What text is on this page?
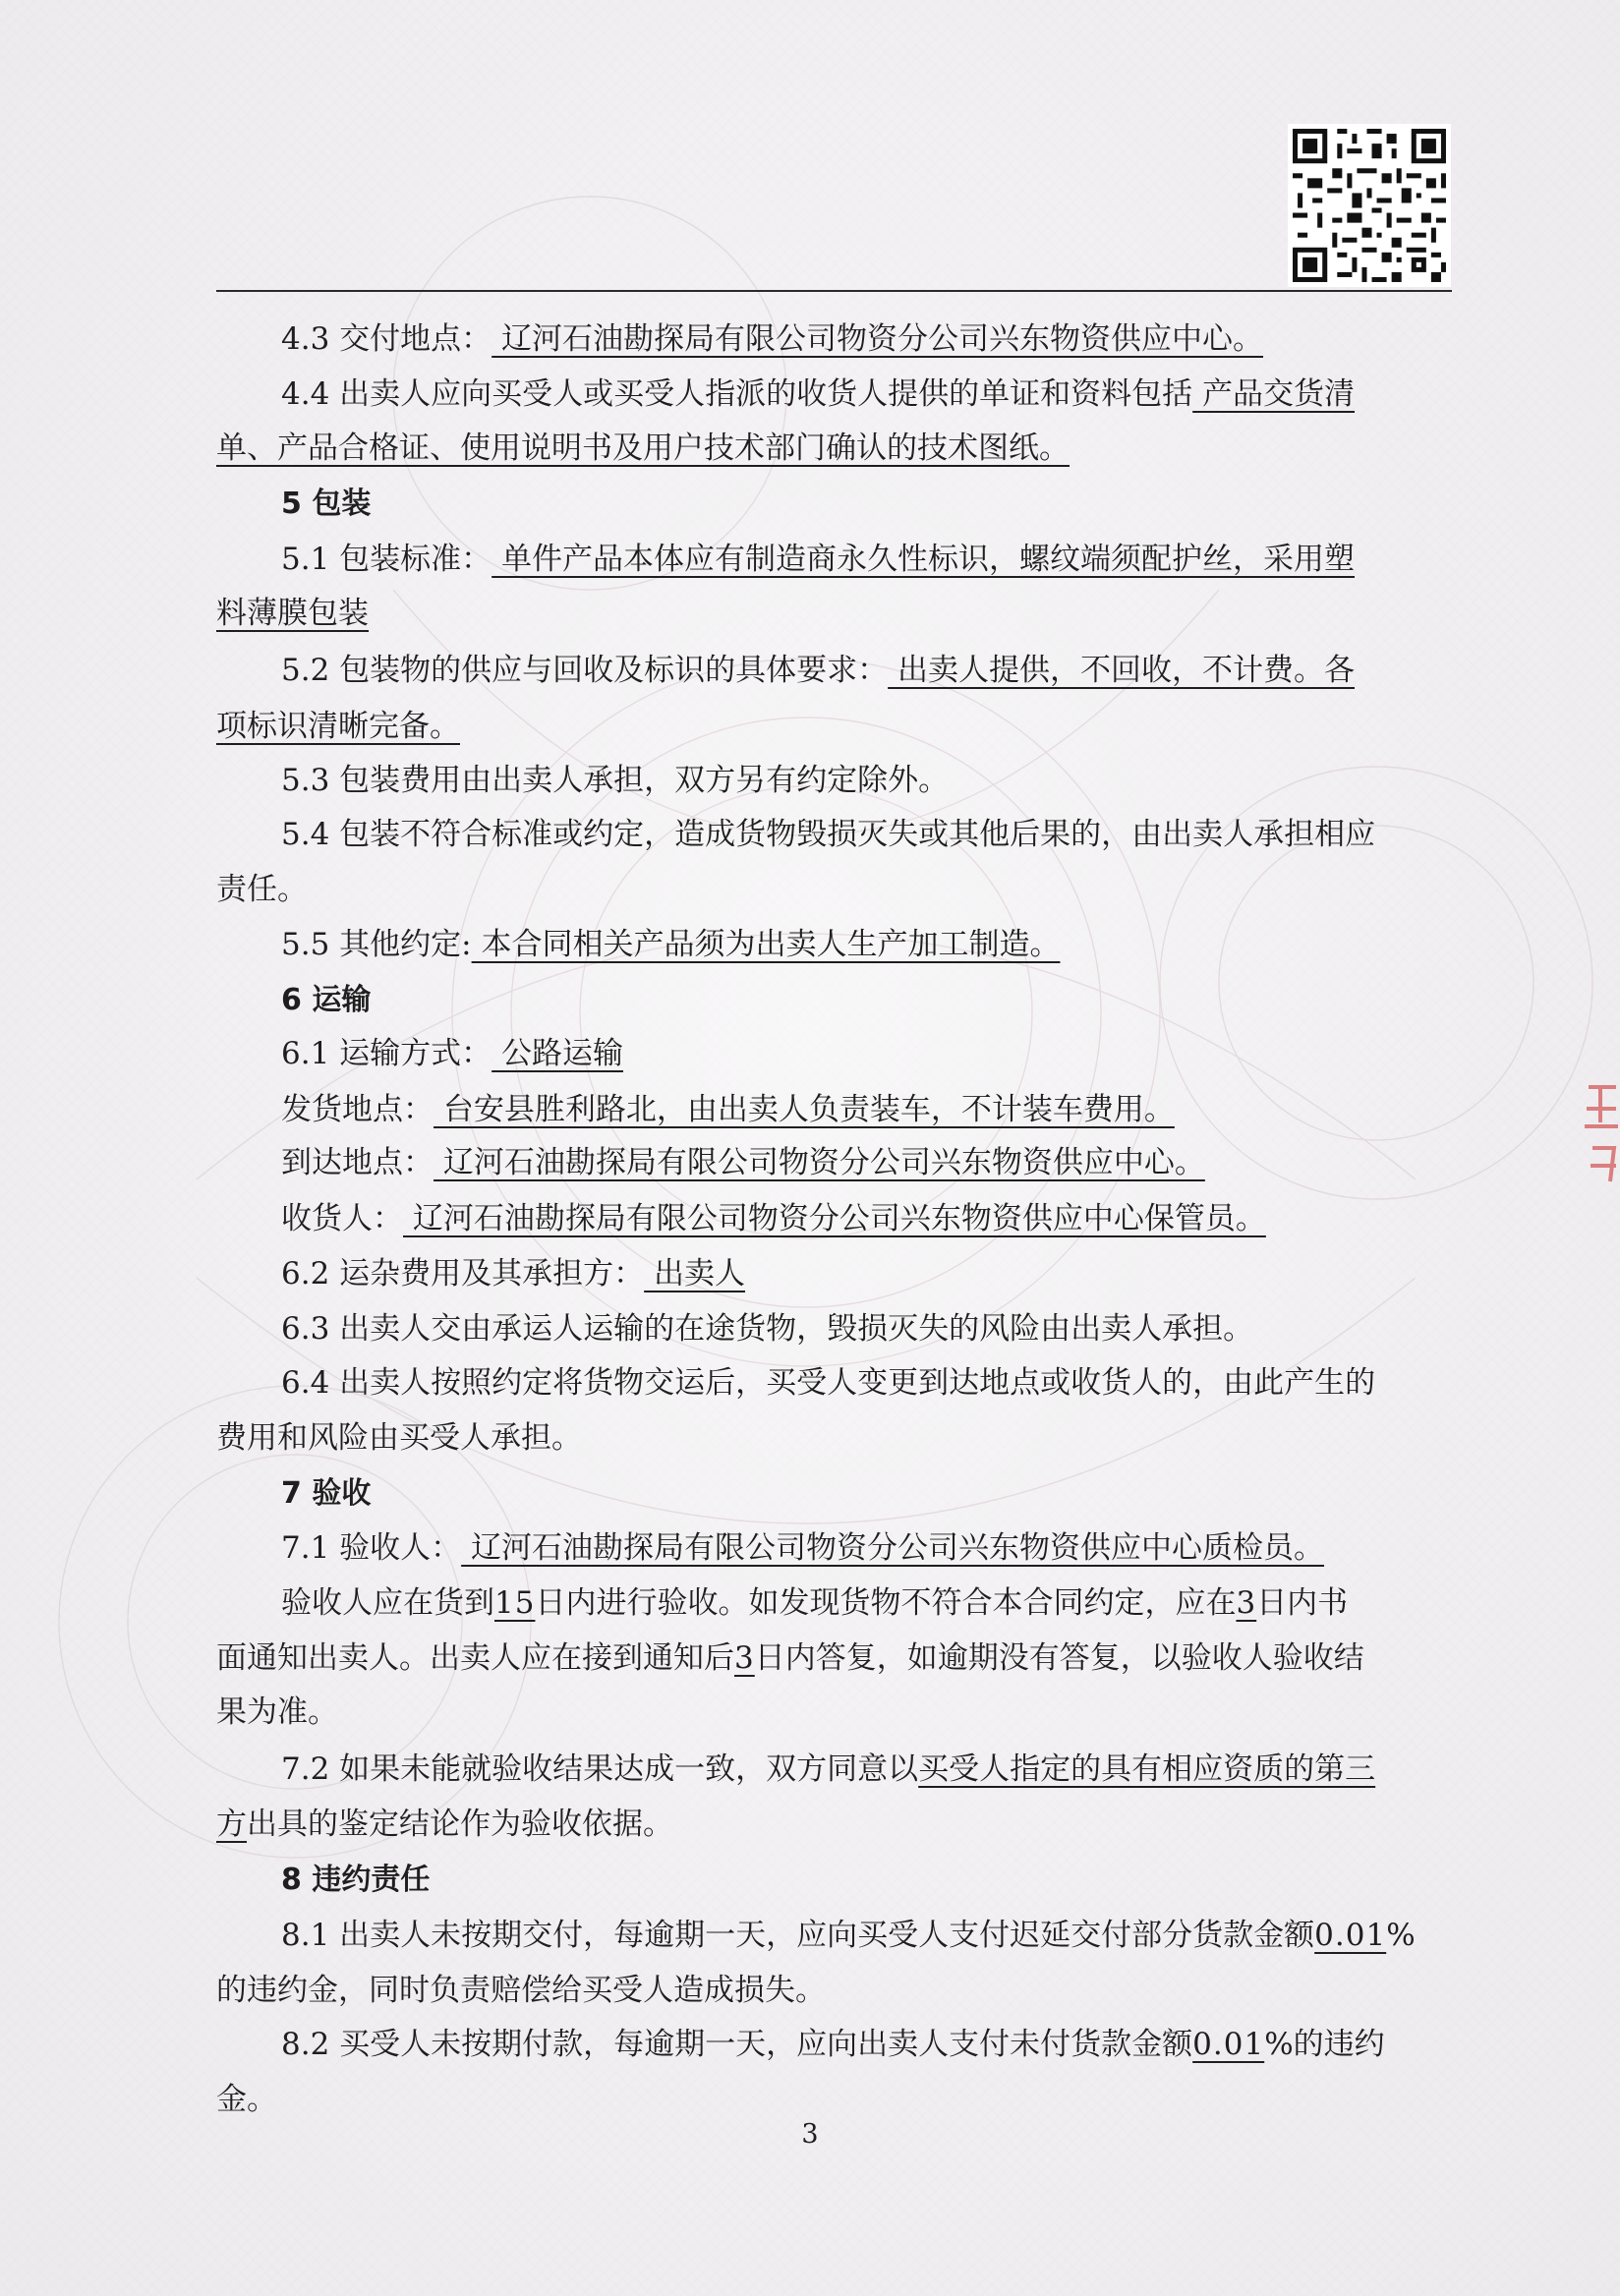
4.3 交付地点： 辽河石油勘探局有限公司物资分公司兴东物资供应中心。
4.4 出卖人应向买受人或买受人指派的收货人提供的单证和资料包括 产品交货清
单、产品合格证、使用说明书及用户技术部门确认的技术图纸。
5 包装
5.1 包装标准： 单件产品本体应有制造商永久性标识，螺纹端须配护丝，采用塑
料薄膜包装
5.2 包装物的供应与回收及标识的具体要求： 出卖人提供，不回收，不计费。各
项标识清晰完备。
5.3 包装费用由出卖人承担，双方另有约定除外。
5.4 包装不符合标准或约定，造成货物毁损灭失或其他后果的，由出卖人承担相应
责任。
5.5 其他约定: 本合同相关产品须为出卖人生产加工制造。
6 运输
6.1 运输方式： 公路运输
发货地点： 台安县胜利路北，由出卖人负责装车，不计装车费用。
到达地点： 辽河石油勘探局有限公司物资分公司兴东物资供应中心。
收货人： 辽河石油勘探局有限公司物资分公司兴东物资供应中心保管员。
6.2 运杂费用及其承担方： 出卖人
6.3 出卖人交由承运人运输的在途货物，毁损灭失的风险由出卖人承担。
6.4 出卖人按照约定将货物交运后，买受人变更到达地点或收货人的，由此产生的
费用和风险由买受人承担。
7 验收
7.1 验收人： 辽河石油勘探局有限公司物资分公司兴东物资供应中心质检员。
验收人应在货到15日内进行验收。如发现货物不符合本合同约定，应在3日内书
面通知出卖人。出卖人应在接到通知后3日内答复，如逾期没有答复，以验收人验收结
果为准。
7.2 如果未能就验收结果达成一致，双方同意以买受人指定的具有相应资质的第三
方出具的鉴定结论作为验收依据。
8 违约责任
8.1 出卖人未按期交付，每逾期一天，应向买受人支付迟延交付部分货款金额0.01%
的违约金，同时负责赔偿给买受人造成损失。
8.2 买受人未按期付款，每逾期一天，应向出卖人支付未付货款金额0.01%的违约
金。
3
